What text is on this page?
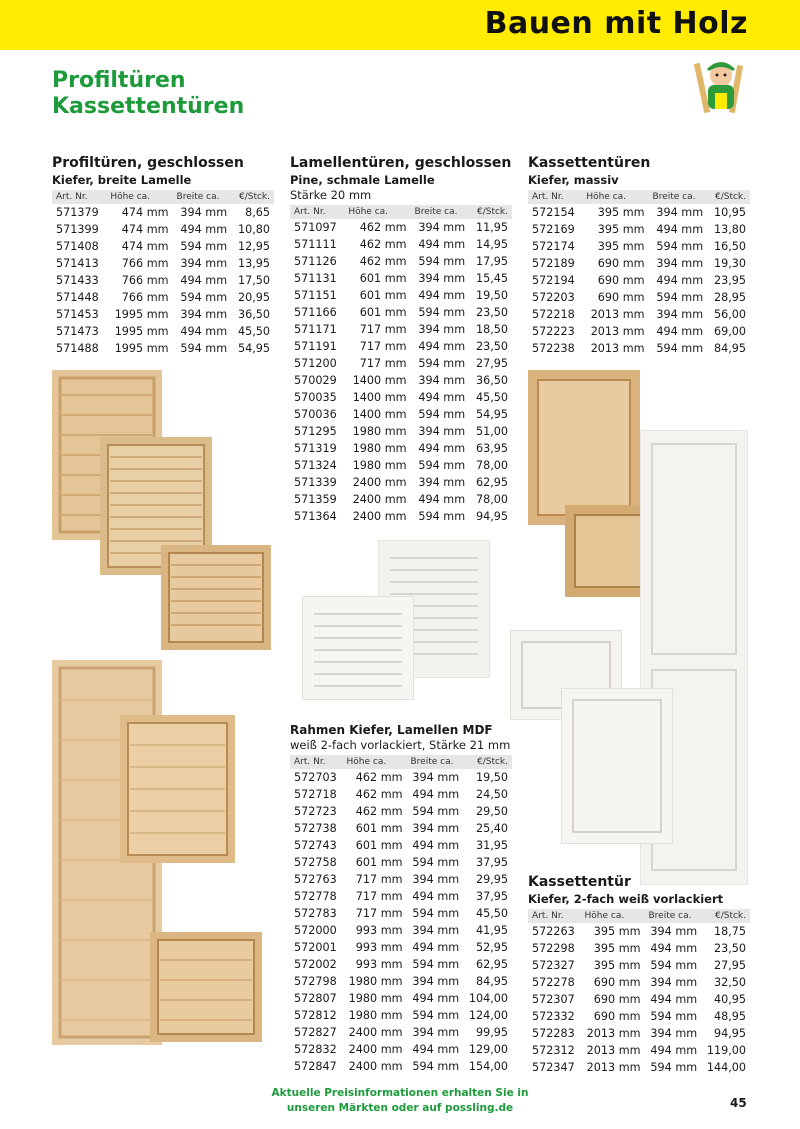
Bauen mit Holz
Profiltüren
Kassettentüren
Profiltüren, geschlossen
Kiefer, breite Lamelle
Art. Nr.	Höhe ca.	Breite ca.	€/Stck.
571379	474 mm	394 mm	8,65
571399	474 mm	494 mm	10,80
571408	474 mm	594 mm	12,95
571413	766 mm	394 mm	13,95
571433	766 mm	494 mm	17,50
571448	766 mm	594 mm	20,95
571453	1995 mm	394 mm	36,50
571473	1995 mm	494 mm	45,50
571488	1995 mm	594 mm	54,95
Lamellentüren, geschlossen
Pine, schmale Lamelle
Stärke 20 mm
Art. Nr.	Höhe ca.	Breite ca.	€/Stck.
571097	462 mm	394 mm	11,95
571111	462 mm	494 mm	14,95
571126	462 mm	594 mm	17,95
571131	601 mm	394 mm	15,45
571151	601 mm	494 mm	19,50
571166	601 mm	594 mm	23,50
571171	717 mm	394 mm	18,50
571191	717 mm	494 mm	23,50
571200	717 mm	594 mm	27,95
570029	1400 mm	394 mm	36,50
570035	1400 mm	494 mm	45,50
570036	1400 mm	594 mm	54,95
571295	1980 mm	394 mm	51,00
571319	1980 mm	494 mm	63,95
571324	1980 mm	594 mm	78,00
571339	2400 mm	394 mm	62,95
571359	2400 mm	494 mm	78,00
571364	2400 mm	594 mm	94,95
Kassettentüren
Kiefer, massiv
Art. Nr.	Höhe ca.	Breite ca.	€/Stck.
572154	395 mm	394 mm	10,95
572169	395 mm	494 mm	13,80
572174	395 mm	594 mm	16,50
572189	690 mm	394 mm	19,30
572194	690 mm	494 mm	23,95
572203	690 mm	594 mm	28,95
572218	2013 mm	394 mm	56,00
572223	2013 mm	494 mm	69,00
572238	2013 mm	594 mm	84,95
Rahmen Kiefer, Lamellen MDF
weiß 2-fach vorlackiert, Stärke 21 mm
Art. Nr.	Höhe ca.	Breite ca.	€/Stck.
572703	462 mm	394 mm	19,50
572718	462 mm	494 mm	24,50
572723	462 mm	594 mm	29,50
572738	601 mm	394 mm	25,40
572743	601 mm	494 mm	31,95
572758	601 mm	594 mm	37,95
572763	717 mm	394 mm	29,95
572778	717 mm	494 mm	37,95
572783	717 mm	594 mm	45,50
572000	993 mm	394 mm	41,95
572001	993 mm	494 mm	52,95
572002	993 mm	594 mm	62,95
572798	1980 mm	394 mm	84,95
572807	1980 mm	494 mm	104,00
572812	1980 mm	594 mm	124,00
572827	2400 mm	394 mm	99,95
572832	2400 mm	494 mm	129,00
572847	2400 mm	594 mm	154,00
Kassettentür
Kiefer, 2-fach weiß vorlackiert
Art. Nr.	Höhe ca.	Breite ca.	€/Stck.
572263	395 mm	394 mm	18,75
572298	395 mm	494 mm	23,50
572327	395 mm	594 mm	27,95
572278	690 mm	394 mm	32,50
572307	690 mm	494 mm	40,95
572332	690 mm	594 mm	48,95
572283	2013 mm	394 mm	94,95
572312	2013 mm	494 mm	119,00
572347	2013 mm	594 mm	144,00
Aktuelle Preisinformationen erhalten Sie in
unseren Märkten oder auf possling.de	45
